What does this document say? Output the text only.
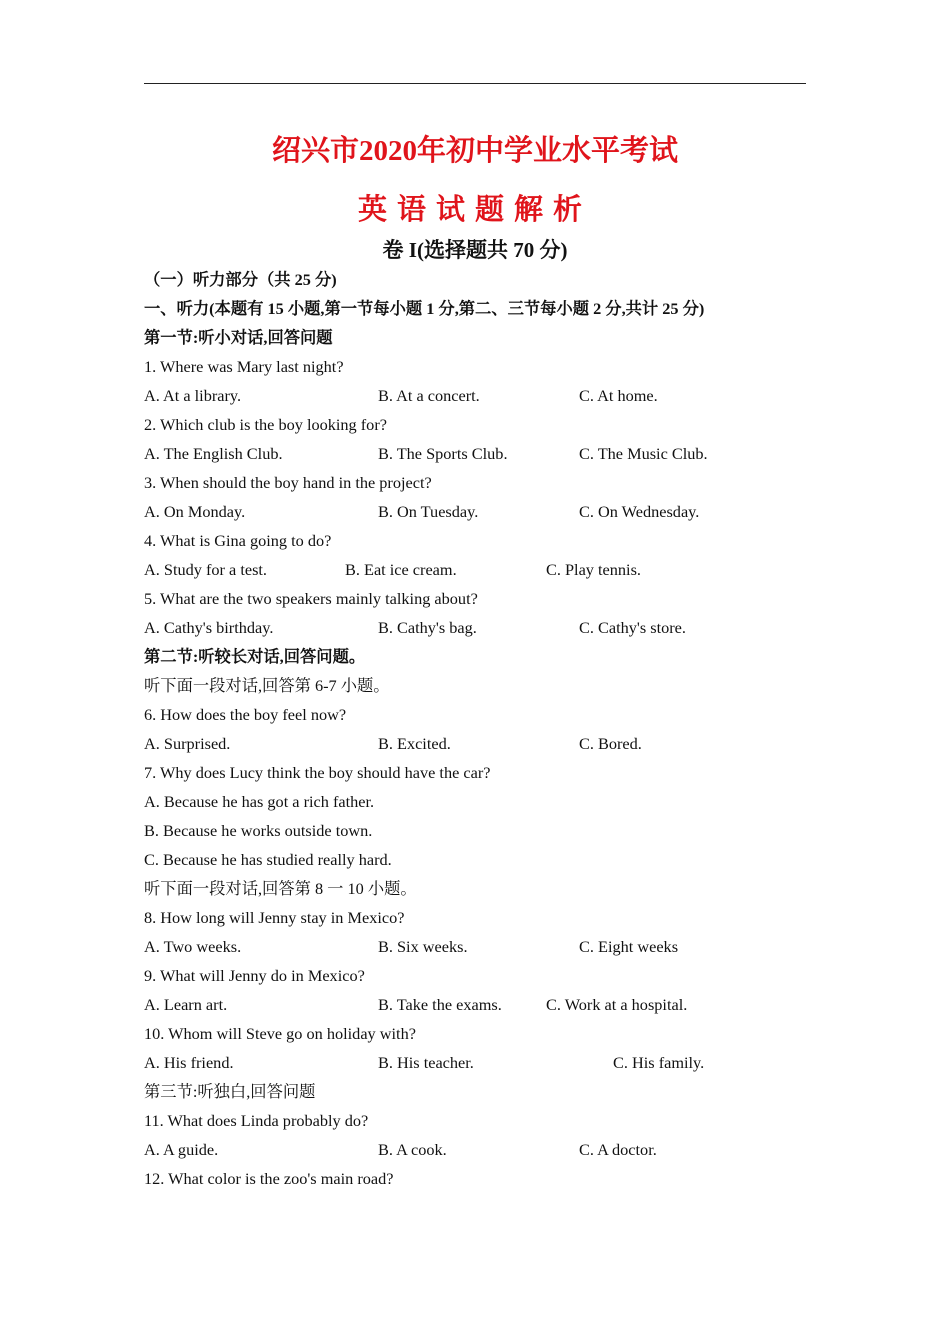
绍兴市2020年初中学业水平考试
英语试题解析
卷 I(选择题共 70 分)
（一）听力部分（共 25 分)
一、听力(本题有 15 小题,第一节每小题 1 分,第二、三节每小题 2 分,共计 25 分)
第一节:听小对话,回答问题
1. Where was Mary last night?
A. At a library.	B. At a concert.	C. At home.
2. Which club is the boy looking for?
A. The English Club.	B. The Sports Club.	C. The Music Club.
3. When should the boy hand in the project?
A. On Monday.	B. On Tuesday.	C. On Wednesday.
4. What is Gina going to do?
A. Study for a test.	B. Eat ice cream.	C. Play tennis.
5. What are the two speakers mainly talking about?
A. Cathy's birthday.	B. Cathy's bag.	C. Cathy's store.
第二节:听较长对话,回答问题。
听下面一段对话,回答第 6-7 小题。
6. How does the boy feel now?
A. Surprised.	B. Excited.	C. Bored.
7. Why does Lucy think the boy should have the car?
A. Because he has got a rich father.
B. Because he works outside town.
C. Because he has studied really hard.
听下面一段对话,回答第 8 一 10 小题。
8. How long will Jenny stay in Mexico?
A. Two weeks.	B. Six weeks.	C. Eight weeks
9. What will Jenny do in Mexico?
A. Learn art.	B. Take the exams.	C. Work at a hospital.
10. Whom will Steve go on holiday with?
A. His friend.	B. His teacher.	C. His family.
第三节:听独白,回答问题
11. What does Linda probably do?
A. A guide.	B. A cook.	C. A doctor.
12. What color is the zoo's main road?
